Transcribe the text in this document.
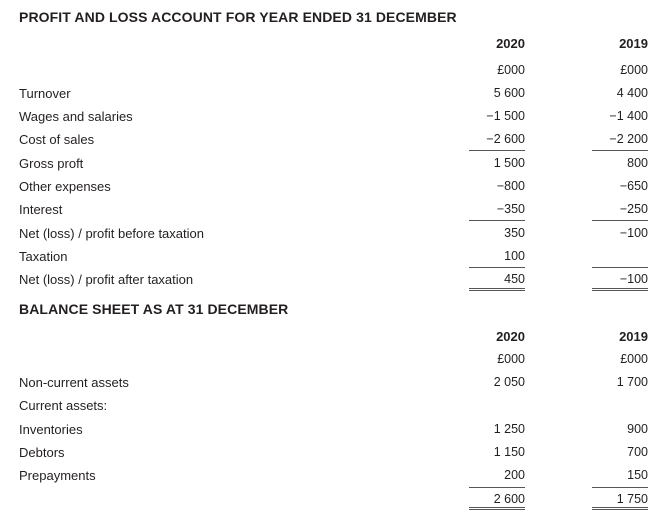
PROFIT AND LOSS ACCOUNT FOR YEAR ENDED 31 DECEMBER
2020	2019
£000	£000
Turnover	5 600	4 400
Wages and salaries	−1 500	−1 400
Cost of sales	−2 600	−2 200
Gross proft	1 500	800
Other expenses	−800	−650
Interest	−350	−250
Net (loss) / profit before taxation	350	−100
Taxation	100
Net (loss) / profit after taxation	450	−100
BALANCE SHEET AS AT 31 DECEMBER
2020	2019
£000	£000
Non-current assets	2 050	1 700
Current assets:
Inventories	1 250	900
Debtors	1 150	700
Prepayments	200	150
2 600	1 750
